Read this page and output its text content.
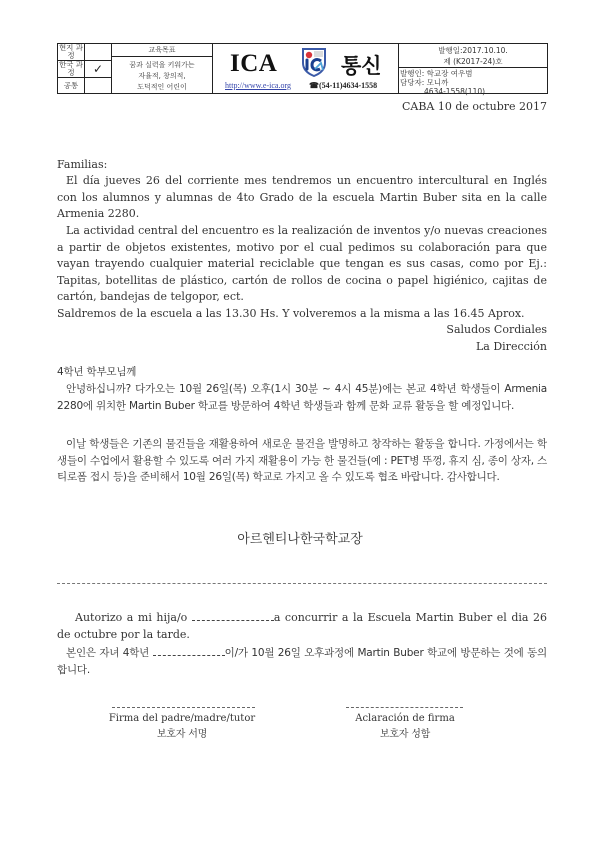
현지 과정
한국 과정	✓
공통
교육목표
꿈과 실력을 키워가는
자율적, 창의적,
도덕적인 어린이
ICA	통신
http://www.e-ica.org ☎(54-11)4634-1558
발행일:2017.10.10.
제 (K2017-24)호
발행인: 학교장 여우범
담당자: 모니까
4634-1558(110)
CABA 10 de octubre 2017
Familias:
El día jueves 26 del corriente mes tendremos un encuentro intercultural en Inglés con los alumnos y alumnas de 4to Grado de la escuela Martin Buber sita en la calle Armenia 2280.
La actividad central del encuentro es la realización de inventos y/o nuevas creaciones a partir de objetos existentes, motivo por el cual pedimos su colaboración para que vayan trayendo cualquier material reciclable que tengan es sus casas, como por Ej.: Tapitas, botellitas de plástico, cartón de rollos de cocina o papel higiénico, cajitas de cartón, bandejas de telgopor, ect.
Saldremos de la escuela a las 13.30 Hs. Y volveremos a la misma a las 16.45 Aprox.
Saludos Cordiales
La Dirección
4학년 학부모님께
안녕하십니까? 다가오는 10월 26일(목) 오후(1시 30분 ~ 4시 45분)에는 본교 4학년 학생들이 Armenia 2280에 위치한 Martin Buber 학교를 방문하여 4학년 학생들과 함께 문화 교류 활동을 할 예정입니다.
이날 학생들은 기존의 물건들을 재활용하여 새로운 물건을 발명하고 창작하는 활동을 합니다. 가정에서는 학생들이 수업에서 활용할 수 있도록 여러 가지 재활용이 가능 한 물건들(예 : PET병 뚜껑, 휴지 심, 종이 상자, 스티로폼 접시 등)을 준비해서 10월 26일(목) 학교로 가지고 올 수 있도록 협조 바랍니다. 감사합니다.
아르헨티나한국학교장
Autorizo a mi hija/o	a concurrir a la Escuela Martin Buber el dia 26 de octubre por la tarde.
본인은 자녀 4학년	이/가 10월 26일 오후과정에 Martin Buber 학교에 방문하는 것에 동의합니다.
Firma del padre/madre/tutor
보호자 서명
Aclaración de firma
보호자 성함
